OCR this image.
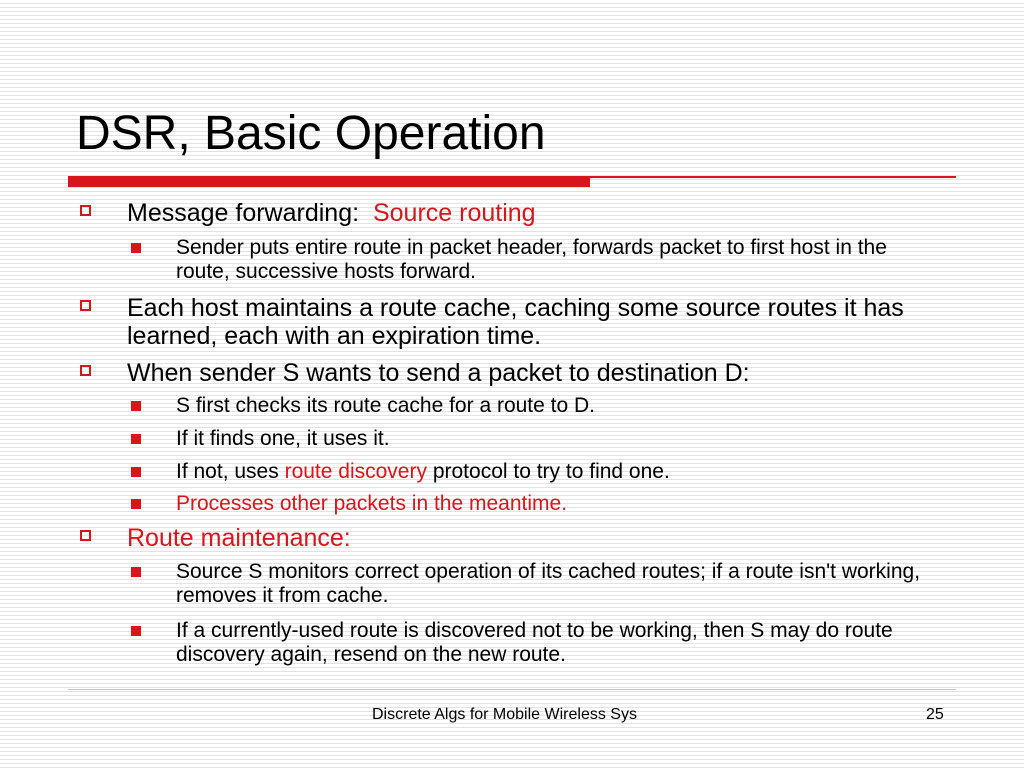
DSR, Basic Operation
Message forwarding: Source routing
Sender puts entire route in packet header, forwards packet to first host in the route, successive hosts forward.
Each host maintains a route cache, caching some source routes it has learned, each with an expiration time.
When sender S wants to send a packet to destination D:
S first checks its route cache for a route to D.
If it finds one, it uses it.
If not, uses route discovery protocol to try to find one.
Processes other packets in the meantime.
Route maintenance:
Source S monitors correct operation of its cached routes; if a route isn't working, removes it from cache.
If a currently-used route is discovered not to be working, then S may do route discovery again, resend on the new route.
Discrete Algs for Mobile Wireless Sys	25
